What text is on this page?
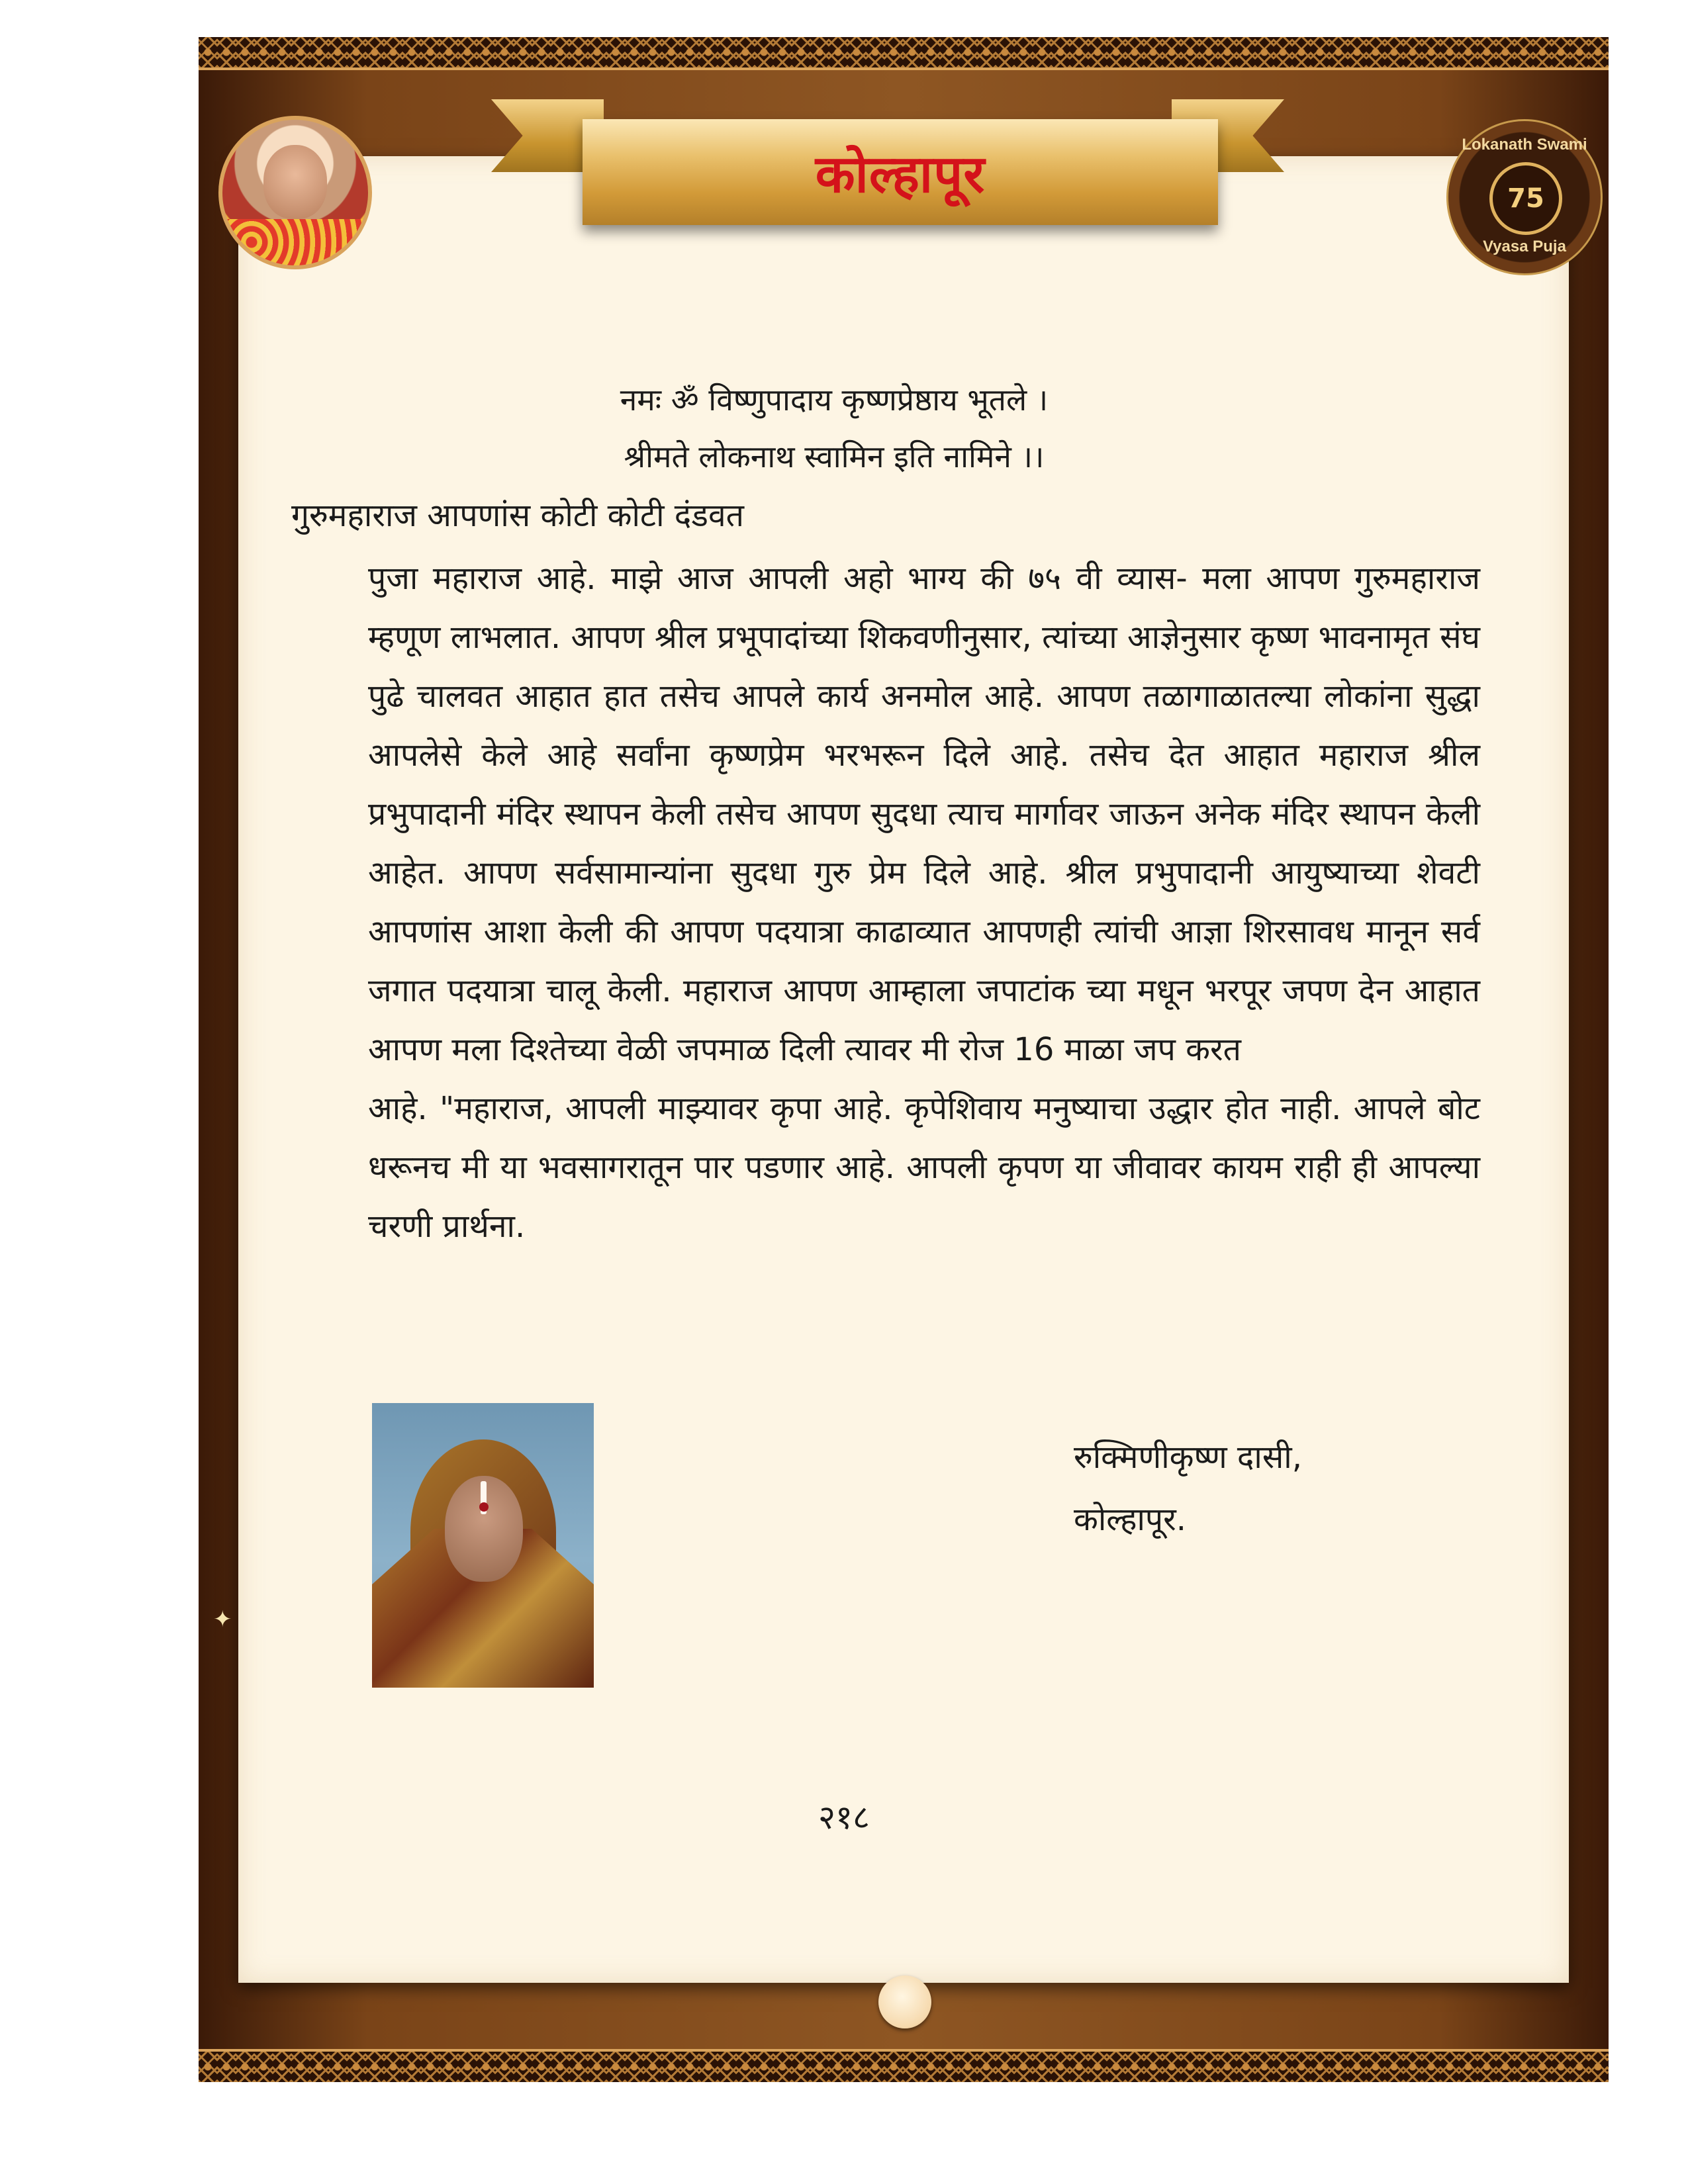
✦
कोल्हापूर	Lokanath Swami
75
Vyasa Puja
नमः ॐ विष्णुपादाय कृष्णप्रेष्ठाय भूतले ।
श्रीमते लोकनाथ स्वामिन इति नामिने ।।
गुरुमहाराज आपणांस कोटी कोटी दंडवत

पुजा महाराज आहे. माझे आज आपली अहो भाग्य की ७५ वी व्यास- मला आपण गुरुमहाराज म्हणूण लाभलात. आपण श्रील प्रभूपादांच्या शिकवणीनुसार, त्यांच्या आज्ञेनुसार कृष्ण भावनामृत संघ पुढे चालवत आहात हात तसेच आपले कार्य अनमोल आहे. आपण तळागाळातल्या लोकांना सुद्धा आपलेसे केले आहे सर्वांना कृष्णप्रेम भरभरून दिले आहे. तसेच देत आहात महाराज श्रील प्रभुपादानी मंदिर स्थापन केली तसेच आपण सुदधा त्याच मार्गावर जाऊन अनेक मंदिर स्थापन केली आहेत. आपण सर्वसामान्यांना सुदधा गुरु प्रेम दिले आहे. श्रील प्रभुपादानी आयुष्याच्या शेवटी आपणांस आशा केली की आपण पदयात्रा काढाव्यात आपणही त्यांची आज्ञा शिरसावध मानून सर्व जगात पदयात्रा चालू केली. महाराज आपण आम्हाला जपाटांक च्या मधून भरपूर जपण देन आहात आपण मला दिश्तेच्या वेळी जपमाळ दिली त्यावर मी रोज 16 माळा जप करत

आहे. "महाराज, आपली माझ्यावर कृपा आहे. कृपेशिवाय मनुष्याचा उद्धार होत नाही. आपले बोट धरूनच मी या भवसागरातून पार पडणार आहे. आपली कृपण या जीवावर कायम राही ही आपल्या चरणी प्रार्थना.

रुक्मिणीकृष्ण दासी,
कोल्हापूर.
२१८
